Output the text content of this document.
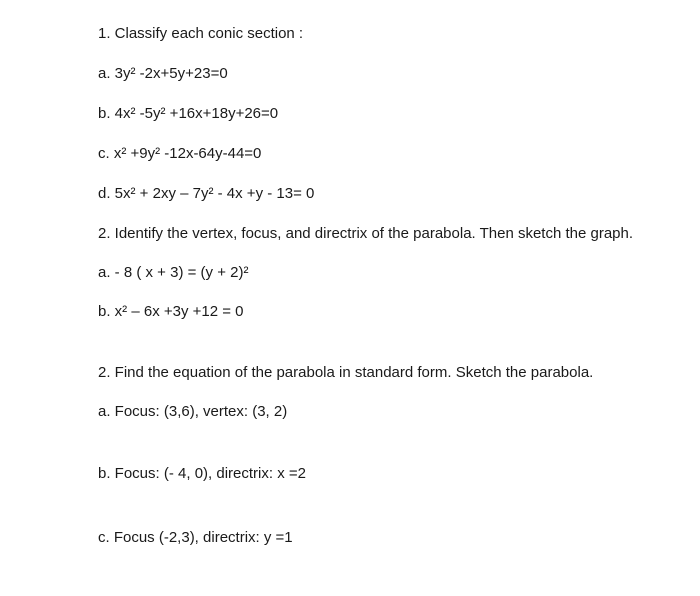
1. Classify each conic section :
a. 3y² -2x+5y+23=0
b. 4x² -5y² +16x+18y+26=0
c. x² +9y² -12x-64y-44=0
d. 5x² + 2xy – 7y² - 4x +y - 13= 0
2. Identify the vertex, focus, and directrix of the parabola. Then sketch the graph.
a. - 8 ( x + 3) = (y + 2)²
b. x² – 6x +3y +12 = 0
2. Find the equation of the parabola in standard form. Sketch the parabola.
a. Focus: (3,6), vertex: (3, 2)
b. Focus: (- 4, 0), directrix: x =2
c. Focus (-2,3), directrix: y =1
